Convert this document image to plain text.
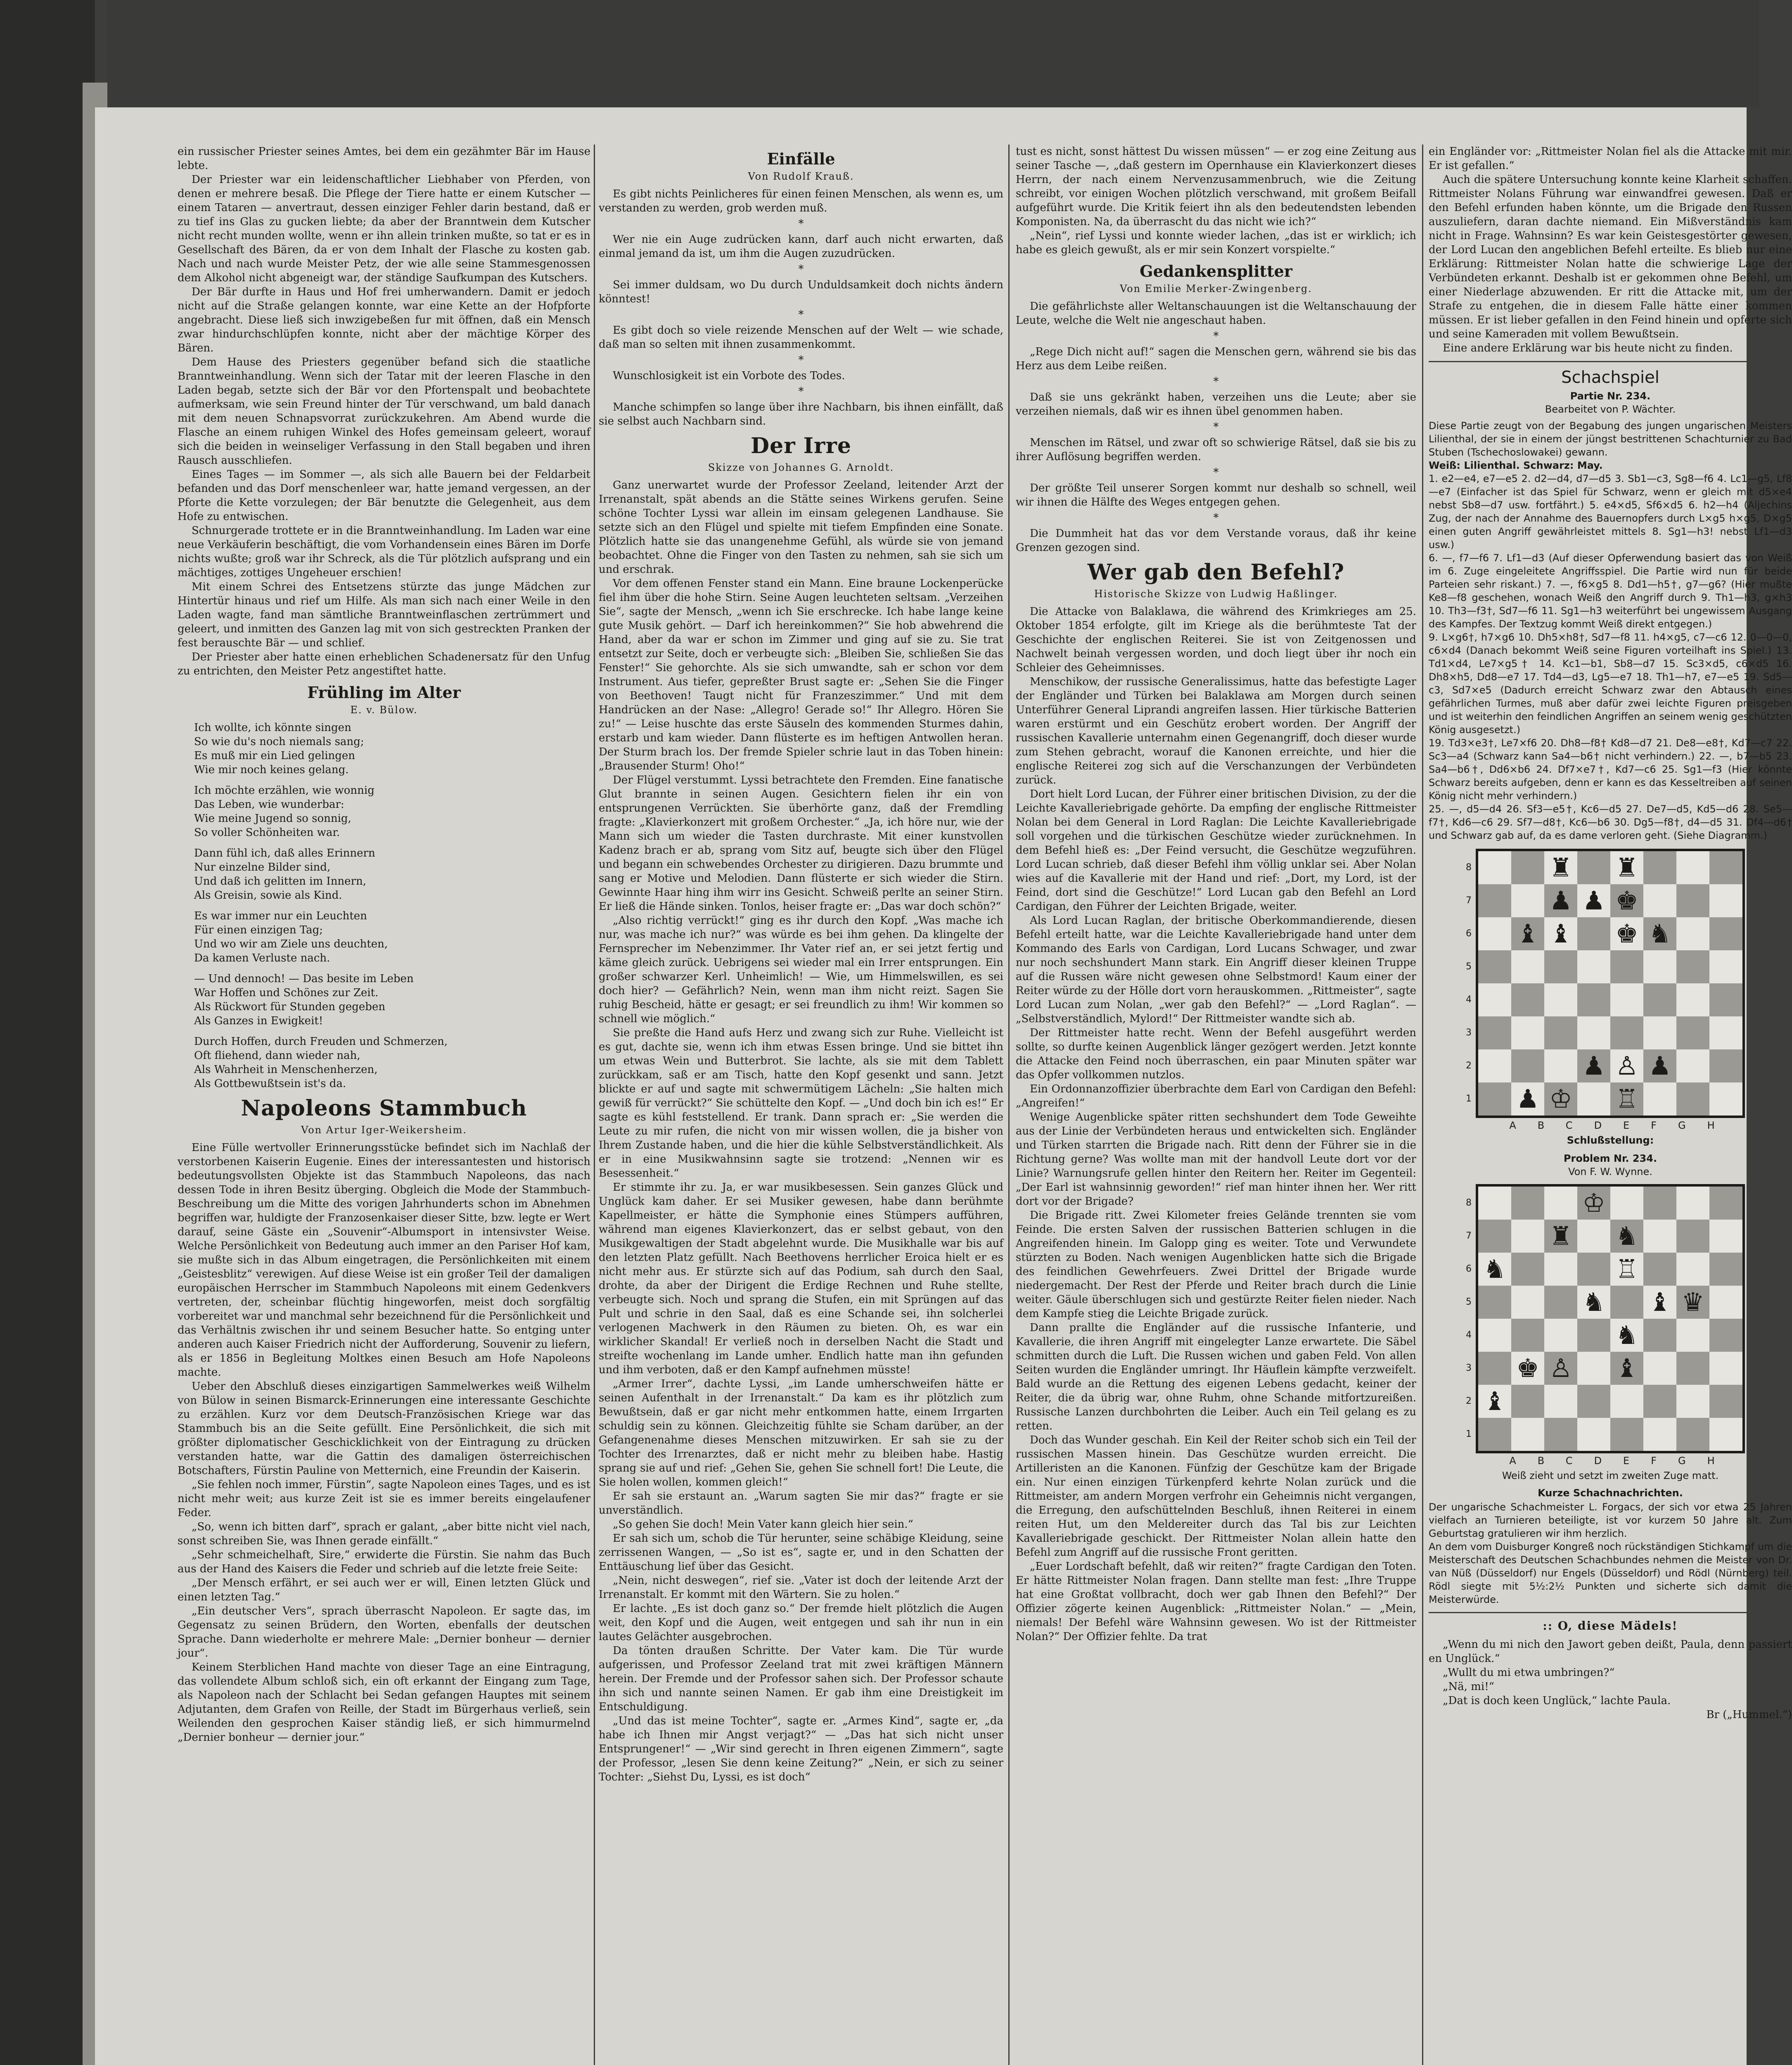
ein russischer Priester seines Amtes, bei dem ein gezähmter Bär im Hause lebte.

Der Priester war ein leidenschaftlicher Liebhaber von Pferden, von denen er mehrere besaß. Die Pflege der Tiere hatte er einem Kutscher — einem Tataren — anvertraut, dessen einziger Fehler darin bestand, daß er zu tief ins Glas zu gucken liebte; da aber der Branntwein dem Kutscher nicht recht munden wollte, wenn er ihn allein trinken mußte, so tat er es in Gesellschaft des Bären, da er von dem Inhalt der Flasche zu kosten gab. Nach und nach wurde Meister Petz, der wie alle seine Stammesgenossen dem Alkohol nicht abgeneigt war, der ständige Saufkumpan des Kutschers.

Der Bär durfte in Haus und Hof frei umherwandern. Damit er jedoch nicht auf die Straße gelangen konnte, war eine Kette an der Hofpforte angebracht. Diese ließ sich inwzigebeßen fur mit öffnen, daß ein Mensch zwar hindurchschlüpfen konnte, nicht aber der mächtige Körper des Bären.

Dem Hause des Priesters gegenüber befand sich die staatliche Branntweinhandlung. Wenn sich der Tatar mit der leeren Flasche in den Laden begab, setzte sich der Bär vor den Pfortenspalt und beobachtete aufmerksam, wie sein Freund hinter der Tür verschwand, um bald danach mit dem neuen Schnapsvorrat zurückzukehren. Am Abend wurde die Flasche an einem ruhigen Winkel des Hofes gemeinsam geleert, worauf sich die beiden in weinseliger Verfassung in den Stall begaben und ihren Rausch ausschliefen.

Eines Tages — im Sommer —, als sich alle Bauern bei der Feldarbeit befanden und das Dorf menschenleer war, hatte jemand vergessen, an der Pforte die Kette vorzulegen; der Bär benutzte die Gelegenheit, aus dem Hofe zu entwischen.

Schnurgerade trottete er in die Branntweinhandlung. Im Laden war eine neue Verkäuferin beschäftigt, die vom Vorhandensein eines Bären im Dorfe nichts wußte; groß war ihr Schreck, als die Tür plötzlich aufsprang und ein mächtiges, zottiges Ungeheuer erschien!

Mit einem Schrei des Entsetzens stürzte das junge Mädchen zur Hintertür hinaus und rief um Hilfe. Als man sich nach einer Weile in den Laden wagte, fand man sämtliche Branntweinflaschen zertrümmert und geleert, und inmitten des Ganzen lag mit von sich gestreckten Pranken der fest berauschte Bär — und schlief.

Der Priester aber hatte einen erheblichen Schadenersatz für den Unfug zu entrichten, den Meister Petz angestiftet hatte.

Frühling im Alter
E. v. Bülow.

Ich wollte, ich könnte singen

So wie du's noch niemals sang;

Es muß mir ein Lied gelingen

Wie mir noch keines gelang.

Ich möchte erzählen, wie wonnig

Das Leben, wie wunderbar:

Wie meine Jugend so sonnig,

So voller Schönheiten war.

Dann fühl ich, daß alles Erinnern

Nur einzelne Bilder sind,

Und daß ich gelitten im Innern,

Als Greisin, sowie als Kind.

Es war immer nur ein Leuchten

Für einen einzigen Tag;

Und wo wir am Ziele uns deuchten,

Da kamen Verluste nach.

— Und dennoch! — Das besite im Leben

War Hoffen und Schönes zur Zeit.

Als Rückwort für Stunden gegeben

Als Ganzes in Ewigkeit!

Durch Hoffen, durch Freuden und Schmerzen,

Oft fliehend, dann wieder nah,

Als Wahrheit in Menschenherzen,

Als Gottbewußtsein ist's da.

Napoleons Stammbuch
Von Artur Iger-Weikersheim.

Eine Fülle wertvoller Erinnerungsstücke befindet sich im Nachlaß der verstorbenen Kaiserin Eugenie. Eines der interessantesten und historisch bedeutungsvollsten Objekte ist das Stammbuch Napoleons, das nach dessen Tode in ihren Besitz überging. Obgleich die Mode der Stammbuch-Beschreibung um die Mitte des vorigen Jahrhunderts schon im Abnehmen begriffen war, huldigte der Franzosenkaiser dieser Sitte, bzw. legte er Wert darauf, seine Gäste ein „Souvenir“-Albumsport in intensivster Weise. Welche Persönlichkeit von Bedeutung auch immer an den Pariser Hof kam, sie mußte sich in das Album eingetragen, die Persönlichkeiten mit einem „Geistesblitz“ verewigen. Auf diese Weise ist ein großer Teil der damaligen europäischen Herrscher im Stammbuch Napoleons mit einem Gedenkvers vertreten, der, scheinbar flüchtig hingeworfen, meist doch sorgfältig vorbereitet war und manchmal sehr bezeichnend für die Persönlichkeit und das Verhältnis zwischen ihr und seinem Besucher hatte. So entging unter anderen auch Kaiser Friedrich nicht der Aufforderung, Souvenir zu liefern, als er 1856 in Begleitung Moltkes einen Besuch am Hofe Napoleons machte.

Ueber den Abschluß dieses einzigartigen Sammelwerkes weiß Wilhelm von Bülow in seinen Bismarck-Erinnerungen eine interessante Geschichte zu erzählen. Kurz vor dem Deutsch-Französischen Kriege war das Stammbuch bis an die Seite gefüllt. Eine Persönlichkeit, die sich mit größter diplomatischer Geschicklichkeit von der Eintragung zu drücken verstanden hatte, war die Gattin des damaligen österreichischen Botschafters, Fürstin Pauline von Metternich, eine Freundin der Kaiserin.

„Sie fehlen noch immer, Fürstin“, sagte Napoleon eines Tages, und es ist nicht mehr weit; aus kurze Zeit ist sie es immer bereits eingelaufener Feder.

„So, wenn ich bitten darf“, sprach er galant, „aber bitte nicht viel nach, sonst schreiben Sie, was Ihnen gerade einfällt.“

„Sehr schmeichelhaft, Sire,“ erwiderte die Fürstin. Sie nahm das Buch aus der Hand des Kaisers die Feder und schrieb auf die letzte freie Seite:

„Der Mensch erfährt, er sei auch wer er will, Einen letzten Glück und einen letzten Tag.“

„Ein deutscher Vers“, sprach überrascht Napoleon. Er sagte das, im Gegensatz zu seinen Brüdern, den Worten, ebenfalls der deutschen Sprache. Dann wiederholte er mehrere Male: „Dernier bonheur — dernier jour“.

Keinem Sterblichen Hand machte von dieser Tage an eine Eintragung, das vollendete Album schloß sich, ein oft erkannt der Eingang zum Tage, als Napoleon nach der Schlacht bei Sedan gefangen Hauptes mit seinem Adjutanten, dem Grafen von Reille, der Stadt im Bürgerhaus verließ, sein Weilenden den gesprochen Kaiser ständig ließ, er sich himmurmelnd „Dernier bonheur — dernier jour.“

Einfälle
Von Rudolf Krauß.

Es gibt nichts Peinlicheres für einen feinen Menschen, als wenn es, um verstanden zu werden, grob werden muß.

*

Wer nie ein Auge zudrücken kann, darf auch nicht erwarten, daß einmal jemand da ist, um ihm die Augen zuzudrücken.

*

Sei immer duldsam, wo Du durch Unduldsamkeit doch nichts ändern könntest!

*

Es gibt doch so viele reizende Menschen auf der Welt — wie schade, daß man so selten mit ihnen zusammenkommt.

*

Wunschlosigkeit ist ein Vorbote des Todes.

*

Manche schimpfen so lange über ihre Nachbarn, bis ihnen einfällt, daß sie selbst auch Nachbarn sind.

Der Irre
Skizze von Johannes G. Arnoldt.

Ganz unerwartet wurde der Professor Zeeland, leitender Arzt der Irrenanstalt, spät abends an die Stätte seines Wirkens gerufen. Seine schöne Tochter Lyssi war allein im einsam gelegenen Landhause. Sie setzte sich an den Flügel und spielte mit tiefem Empfinden eine Sonate. Plötzlich hatte sie das unangenehme Gefühl, als würde sie von jemand beobachtet. Ohne die Finger von den Tasten zu nehmen, sah sie sich um und erschrak.

Vor dem offenen Fenster stand ein Mann. Eine braune Lockenperücke fiel ihm über die hohe Stirn. Seine Augen leuchteten seltsam. „Verzeihen Sie“, sagte der Mensch, „wenn ich Sie erschrecke. Ich habe lange keine gute Musik gehört. — Darf ich hereinkommen?“ Sie hob abwehrend die Hand, aber da war er schon im Zimmer und ging auf sie zu. Sie trat entsetzt zur Seite, doch er verbeugte sich: „Bleiben Sie, schließen Sie das Fenster!“ Sie gehorchte. Als sie sich umwandte, sah er schon vor dem Instrument. Aus tiefer, gepreßter Brust sagte er: „Sehen Sie die Finger von Beethoven! Taugt nicht für Franzeszimmer.“ Und mit dem Handrücken an der Nase: „Allegro! Gerade so!“ Ihr Allegro. Hören Sie zu!“ — Leise huschte das erste Säuseln des kommenden Sturmes dahin, erstarb und kam wieder. Dann flüsterte es im heftigen Antwollen heran. Der Sturm brach los. Der fremde Spieler schrie laut in das Toben hinein: „Brausender Sturm! Oho!“

Der Flügel verstummt. Lyssi betrachtete den Fremden. Eine fanatische Glut brannte in seinen Augen. Gesichtern fielen ihr ein von entsprungenen Verrückten. Sie überhörte ganz, daß der Fremdling fragte: „Klavierkonzert mit großem Orchester.“ „Ja, ich höre nur, wie der Mann sich um wieder die Tasten durchraste. Mit einer kunstvollen Kadenz brach er ab, sprang vom Sitz auf, beugte sich über den Flügel und begann ein schwebendes Orchester zu dirigieren. Dazu brummte und sang er Motive und Melodien. Dann flüsterte er sich wieder die Stirn. Gewinnte Haar hing ihm wirr ins Gesicht. Schweiß perlte an seiner Stirn. Er ließ die Hände sinken. Tonlos, heiser fragte er: „Das war doch schön?“

„Also richtig verrückt!“ ging es ihr durch den Kopf. „Was mache ich nur, was mache ich nur?“ was würde es bei ihm gehen. Da klingelte der Fernsprecher im Nebenzimmer. Ihr Vater rief an, er sei jetzt fertig und käme gleich zurück. Uebrigens sei wieder mal ein Irrer entsprungen. Ein großer schwarzer Kerl. Unheimlich! — Wie, um Himmelswillen, es sei doch hier? — Gefährlich? Nein, wenn man ihm nicht reizt. Sagen Sie ruhig Bescheid, hätte er gesagt; er sei freundlich zu ihm! Wir kommen so schnell wie möglich.“

Sie preßte die Hand aufs Herz und zwang sich zur Ruhe. Vielleicht ist es gut, dachte sie, wenn ich ihm etwas Essen bringe. Und sie bittet ihn um etwas Wein und Butterbrot. Sie lachte, als sie mit dem Tablett zurückkam, saß er am Tisch, hatte den Kopf gesenkt und sann. Jetzt blickte er auf und sagte mit schwermütigem Lächeln: „Sie halten mich gewiß für verrückt?“ Sie schüttelte den Kopf. — „Und doch bin ich es!“ Er sagte es kühl feststellend. Er trank. Dann sprach er: „Sie werden die Leute zu mir rufen, die nicht von mir wissen wollen, die ja bisher von Ihrem Zustande haben, und die hier die kühle Selbstverständlichkeit. Als er in eine Musikwahnsinn sagte sie trotzend: „Nennen wir es Besessenheit.“

Er stimmte ihr zu. Ja, er war musikbesessen. Sein ganzes Glück und Unglück kam daher. Er sei Musiker gewesen, habe dann berühmte Kapellmeister, er hätte die Symphonie eines Stümpers aufführen, während man eigenes Klavierkonzert, das er selbst gebaut, von den Musikgewaltigen der Stadt abgelehnt wurde. Die Musikhalle war bis auf den letzten Platz gefüllt. Nach Beethovens herrlicher Eroica hielt er es nicht mehr aus. Er stürzte sich auf das Podium, sah durch den Saal, drohte, da aber der Dirigent die Erdige Rechnen und Ruhe stellte, verbeugte sich. Noch und sprang die Stufen, ein mit Sprüngen auf das Pult und schrie in den Saal, daß es eine Schande sei, ihn solcherlei verlogenen Machwerk in den Räumen zu bieten. Oh, es war ein wirklicher Skandal! Er verließ noch in derselben Nacht die Stadt und streifte wochenlang im Lande umher. Endlich hatte man ihn gefunden und ihm verboten, daß er den Kampf aufnehmen müsste!

„Armer Irrer“, dachte Lyssi, „im Lande umherschweifen hätte er seinen Aufenthalt in der Irrenanstalt.“ Da kam es ihr plötzlich zum Bewußtsein, daß er gar nicht mehr entkommen hatte, einem Irrgarten schuldig sein zu können. Gleichzeitig fühlte sie Scham darüber, an der Gefangenenahme dieses Menschen mitzuwirken. Er sah sie zu der Tochter des Irrenarztes, daß er nicht mehr zu bleiben habe. Hastig sprang sie auf und rief: „Gehen Sie, gehen Sie schnell fort! Die Leute, die Sie holen wollen, kommen gleich!“

Er sah sie erstaunt an. „Warum sagten Sie mir das?“ fragte er sie unverständlich.

„So gehen Sie doch! Mein Vater kann gleich hier sein.“

Er sah sich um, schob die Tür herunter, seine schäbige Kleidung, seine zerrissenen Wangen, — „So ist es“, sagte er, und in den Schatten der Enttäuschung lief über das Gesicht.

„Nein, nicht deswegen“, rief sie. „Vater ist doch der leitende Arzt der Irrenanstalt. Er kommt mit den Wärtern. Sie zu holen.“

Er lachte. „Es ist doch ganz so.“ Der fremde hielt plötzlich die Augen weit, den Kopf und die Augen, weit entgegen und sah ihr nun in ein lautes Gelächter ausgebrochen.

Da tönten draußen Schritte. Der Vater kam. Die Tür wurde aufgerissen, und Professor Zeeland trat mit zwei kräftigen Männern herein. Der Fremde und der Professor sahen sich. Der Professor schaute ihn sich und nannte seinen Namen. Er gab ihm eine Dreistigkeit im Entschuldigung.

„Und das ist meine Tochter“, sagte er. „Armes Kind“, sagte er, „da habe ich Ihnen mir Angst verjagt?“ — „Das hat sich nicht unser Entsprungener!“ — „Wir sind gerecht in Ihren eigenen Zimmern“, sagte der Professor, „lesen Sie denn keine Zeitung?“ „Nein, er sich zu seiner Tochter: „Siehst Du, Lyssi, es ist doch“

tust es nicht, sonst hättest Du wissen müssen“ — er zog eine Zeitung aus seiner Tasche —, „daß gestern im Opernhause ein Klavierkonzert dieses Herrn, der nach einem Nervenzusammenbruch, wie die Zeitung schreibt, vor einigen Wochen plötzlich verschwand, mit großem Beifall aufgeführt wurde. Die Kritik feiert ihn als den bedeutendsten lebenden Komponisten. Na, da überrascht du das nicht wie ich?“

„Nein“, rief Lyssi und konnte wieder lachen, „das ist er wirklich; ich habe es gleich gewußt, als er mir sein Konzert vorspielte.“

Gedankensplitter
Von Emilie Merker-Zwingenberg.

Die gefährlichste aller Weltanschauungen ist die Weltanschauung der Leute, welche die Welt nie angeschaut haben.

*

„Rege Dich nicht auf!“ sagen die Menschen gern, während sie bis das Herz aus dem Leibe reißen.

*

Daß sie uns gekränkt haben, verzeihen uns die Leute; aber sie verzeihen niemals, daß wir es ihnen übel genommen haben.

*

Menschen im Rätsel, und zwar oft so schwierige Rätsel, daß sie bis zu ihrer Auflösung begriffen werden.

*

Der größte Teil unserer Sorgen kommt nur deshalb so schnell, weil wir ihnen die Hälfte des Weges entgegen gehen.

*

Die Dummheit hat das vor dem Verstande voraus, daß ihr keine Grenzen gezogen sind.

Wer gab den Befehl?
Historische Skizze von Ludwig Haßlinger.

Die Attacke von Balaklawa, die während des Krimkrieges am 25. Oktober 1854 erfolgte, gilt im Kriege als die berühmteste Tat der Geschichte der englischen Reiterei. Sie ist von Zeitgenossen und Nachwelt beinah vergessen worden, und doch liegt über ihr noch ein Schleier des Geheimnisses.

Menschikow, der russische Generalissimus, hatte das befestigte Lager der Engländer und Türken bei Balaklawa am Morgen durch seinen Unterführer General Liprandi angreifen lassen. Hier türkische Batterien waren erstürmt und ein Geschütz erobert worden. Der Angriff der russischen Kavallerie unternahm einen Gegenangriff, doch dieser wurde zum Stehen gebracht, worauf die Kanonen erreichte, und hier die englische Reiterei zog sich auf die Verschanzungen der Verbündeten zurück.

Dort hielt Lord Lucan, der Führer einer britischen Division, zu der die Leichte Kavalleriebrigade gehörte. Da empfing der englische Rittmeister Nolan bei dem General in Lord Raglan: Die Leichte Kavalleriebrigade soll vorgehen und die türkischen Geschütze wieder zurücknehmen. In dem Befehl hieß es: „Der Feind versucht, die Geschütze wegzuführen. Lord Lucan schrieb, daß dieser Befehl ihm völlig unklar sei. Aber Nolan wies auf die Kavallerie mit der Hand und rief: „Dort, my Lord, ist der Feind, dort sind die Geschütze!“ Lord Lucan gab den Befehl an Lord Cardigan, den Führer der Leichten Brigade, weiter.

Als Lord Lucan Raglan, der britische Oberkommandierende, diesen Befehl erteilt hatte, war die Leichte Kavalleriebrigade hand unter dem Kommando des Earls von Cardigan, Lord Lucans Schwager, und zwar nur noch sechshundert Mann stark. Ein Angriff dieser kleinen Truppe auf die Russen wäre nicht gewesen ohne Selbstmord! Kaum einer der Reiter würde zu der Hölle dort vorn herauskommen. „Rittmeister“, sagte Lord Lucan zum Nolan, „wer gab den Befehl?“ — „Lord Raglan“. — „Selbstverständlich, Mylord!“ Der Rittmeister wandte sich ab.

Der Rittmeister hatte recht. Wenn der Befehl ausgeführt werden sollte, so durfte keinen Augenblick länger gezögert werden. Jetzt konnte die Attacke den Feind noch überraschen, ein paar Minuten später war das Opfer vollkommen nutzlos.

Ein Ordonnanzoffizier überbrachte dem Earl von Cardigan den Befehl: „Angreifen!“

Wenige Augenblicke später ritten sechshundert dem Tode Geweihte aus der Linie der Verbündeten heraus und entwickelten sich. Engländer und Türken starrten die Brigade nach. Ritt denn der Führer sie in die Richtung gerne? Was wollte man mit der handvoll Leute dort vor der Linie? Warnungsrufe gellen hinter den Reitern her. Reiter im Gegenteil: „Der Earl ist wahnsinnig geworden!“ rief man hinter ihnen her. Wer ritt dort vor der Brigade?

Die Brigade ritt. Zwei Kilometer freies Gelände trennten sie vom Feinde. Die ersten Salven der russischen Batterien schlugen in die Angreifenden hinein. Im Galopp ging es weiter. Tote und Verwundete stürzten zu Boden. Nach wenigen Augenblicken hatte sich die Brigade des feindlichen Gewehrfeuers. Zwei Drittel der Brigade wurde niedergemacht. Der Rest der Pferde und Reiter brach durch die Linie weiter. Gäule überschlugen sich und gestürzte Reiter fielen nieder. Nach dem Kampfe stieg die Leichte Brigade zurück.

Dann prallte die Engländer auf die russische Infanterie, und Kavallerie, die ihren Angriff mit eingelegter Lanze erwartete. Die Säbel schmitten durch die Luft. Die Russen wichen und gaben Feld. Von allen Seiten wurden die Engländer umringt. Ihr Häuflein kämpfte verzweifelt. Bald wurde an die Rettung des eigenen Lebens gedacht, keiner der Reiter, die da übrig war, ohne Ruhm, ohne Schande mitfortzureißen. Russische Lanzen durchbohrten die Leiber. Auch ein Teil gelang es zu retten.

Doch das Wunder geschah. Ein Keil der Reiter schob sich ein Teil der russischen Massen hinein. Das Geschütze wurden erreicht. Die Artilleristen an die Kanonen. Fünfzig der Geschütze kam der Brigade ein. Nur einen einzigen Türkenpferd kehrte Nolan zurück und die Rittmeister, am andern Morgen verfrohr ein Geheimnis nicht vergangen, die Erregung, den aufschüttelnden Beschluß, ihnen Reiterei in einem reiten Hut, um den Meldereiter durch das Tal bis zur Leichten Kavalleriebrigade geschickt. Der Rittmeister Nolan allein hatte den Befehl zum Angriff auf die russische Front geritten.

„Euer Lordschaft befehlt, daß wir reiten?“ fragte Cardigan den Toten. Er hätte Rittmeister Nolan fragen. Dann stellte man fest: „Ihre Truppe hat eine Großtat vollbracht, doch wer gab Ihnen den Befehl?“ Der Offizier zögerte keinen Augenblick: „Rittmeister Nolan.“ — „Mein, niemals! Der Befehl wäre Wahnsinn gewesen. Wo ist der Rittmeister Nolan?“ Der Offizier fehlte. Da trat

ein Engländer vor: „Rittmeister Nolan fiel als die Attacke mit mir. Er ist gefallen.“

Auch die spätere Untersuchung konnte keine Klarheit schaffen. Rittmeister Nolans Führung war einwandfrei gewesen. Daß er den Befehl erfunden haben könnte, um die Brigade den Russen auszuliefern, daran dachte niemand. Ein Mißverständnis kam nicht in Frage. Wahnsinn? Es war kein Geistesgestörter gewesen, der Lord Lucan den angeblichen Befehl erteilte. Es blieb nur eine Erklärung: Rittmeister Nolan hatte die schwierige Lage der Verbündeten erkannt. Deshalb ist er gekommen ohne Befehl, um einer Niederlage abzuwenden. Er ritt die Attacke mit, um der Strafe zu entgehen, die in diesem Falle hätte einer kommen müssen. Er ist lieber gefallen in den Feind hinein und opferte sich und seine Kameraden mit vollem Bewußtsein.

Eine andere Erklärung war bis heute nicht zu finden.

Schachspiel
Partie Nr. 234.
Bearbeitet von P. Wächter.

Diese Partie zeugt von der Begabung des jungen ungarischen Meisters Lilienthal, der sie in einem der jüngst bestrittenen Schachturnier zu Bad Stuben (Tschechoslowakei) gewann.

Weiß: Lilienthal. Schwarz: May.

1. e2—e4, e7—e5 2. d2—d4, d7—d5 3. Sb1—c3, Sg8—f6 4. Lc1—g5, Lf8—e7 (Einfacher ist das Spiel für Schwarz, wenn er gleich mit d5×e4 nebst Sb8—d7 usw. fortfährt.) 5. e4×d5, Sf6×d5 6. h2—h4 (Aljechins Zug, der nach der Annahme des Bauernopfers durch L×g5 h×g5, D×g5 einen guten Angriff gewährleistet mittels 8. Sg1—h3! nebst Lf1—d3 usw.)

6. —, f7—f6 7. Lf1—d3 (Auf dieser Opferwendung basiert das von Weiß im 6. Zuge eingeleitete Angriffsspiel. Die Partie wird nun für beide Parteien sehr riskant.) 7. —, f6×g5 8. Dd1—h5†, g7—g6? (Hier mußte Ke8—f8 geschehen, wonach Weiß den Angriff durch 9. Th1—h3, g×h3 10. Th3—f3†, Sd7—f6 11. Sg1—h3 weiterführt bei ungewissem Ausgang des Kampfes. Der Textzug kommt Weiß direkt entgegen.)

9. L×g6†, h7×g6 10. Dh5×h8†, Sd7—f8 11. h4×g5, c7—c6 12. 0—0—0, c6×d4 (Danach bekommt Weiß seine Figuren vorteilhaft ins Spiel.) 13. Td1×d4, Le7×g5† 14. Kc1—b1, Sb8—d7 15. Sc3×d5, c6×d5 16. Dh8×h5, Dd8—e7 17. Td4—d3, Lg5—e7 18. Th1—h7, e7—e5 19. Sd5—c3, Sd7×e5 (Dadurch erreicht Schwarz zwar den Abtausch eines gefährlichen Turmes, muß aber dafür zwei leichte Figuren preisgeben und ist weiterhin den feindlichen Angriffen an seinem wenig geschützten König ausgesetzt.)

19. Td3×e3†, Le7×f6 20. Dh8—f8† Kd8—d7 21. De8—e8†, Kd7—c7 22. Sc3—a4 (Schwarz kann Sa4—b6† nicht verhindern.) 22. —, b7—b5 23. Sa4—b6†, Dd6×b6 24. Df7×e7†, Kd7—c6 25. Sg1—f3 (Hier könnte Schwarz bereits aufgeben, denn er kann es das Kesseltreiben auf seinen König nicht mehr verhindern.)

25. —, d5—d4 26. Sf3—e5†, Kc6—d5 27. De7—d5, Kd5—d6 28. Se5—f7†, Kd6—c6 29. Sf7—d8†, Kc6—b6 30. Dg5—f8†, d4—d5 31. Df4—d6† und Schwarz gab auf, da es dame verloren geht. (Siehe Diagramm.)

8
7
6
5
4
3
2
1
♜ ♜
♟ ♟ ♚
♝ ♝ ♚ ♞
♟ ♙ ♟
♟ ♔ ♖
ABCDEFGH
Schlußstellung:
Problem Nr. 234.
Von F. W. Wynne.
8
7
6
5
4
3
2
1
♔
♜ ♞
♞	♖
♞ ♝ ♛
♞
♚ ♙ ♝
♝
ABCDEFGH
Weiß zieht und setzt im zweiten Zuge matt.
Kurze Schachnachrichten.

Der ungarische Schachmeister L. Forgacs, der sich vor etwa 25 Jahren vielfach an Turnieren beteiligte, ist vor kurzem 50 Jahre alt. Zum Geburtstag gratulieren wir ihm herzlich.

An dem vom Duisburger Kongreß noch rückständigen Stichkampf um die Meisterschaft des Deutschen Schachbundes nehmen die Meister von Dr. van Nüß (Düsseldorf) nur Engels (Düsseldorf) und Rödl (Nürnberg) teil. Rödl siegte mit 5½:2½ Punkten und sicherte sich damit die Meisterwürde.

:: O, diese Mädels!

„Wenn du mi nich den Jawort geben deißt, Paula, denn passiert en Unglück.“

„Wullt du mi etwa umbringen?“

„Nä, mi!“

„Dat is doch keen Unglück,“ lachte Paula.

Br („Hummel.“)
